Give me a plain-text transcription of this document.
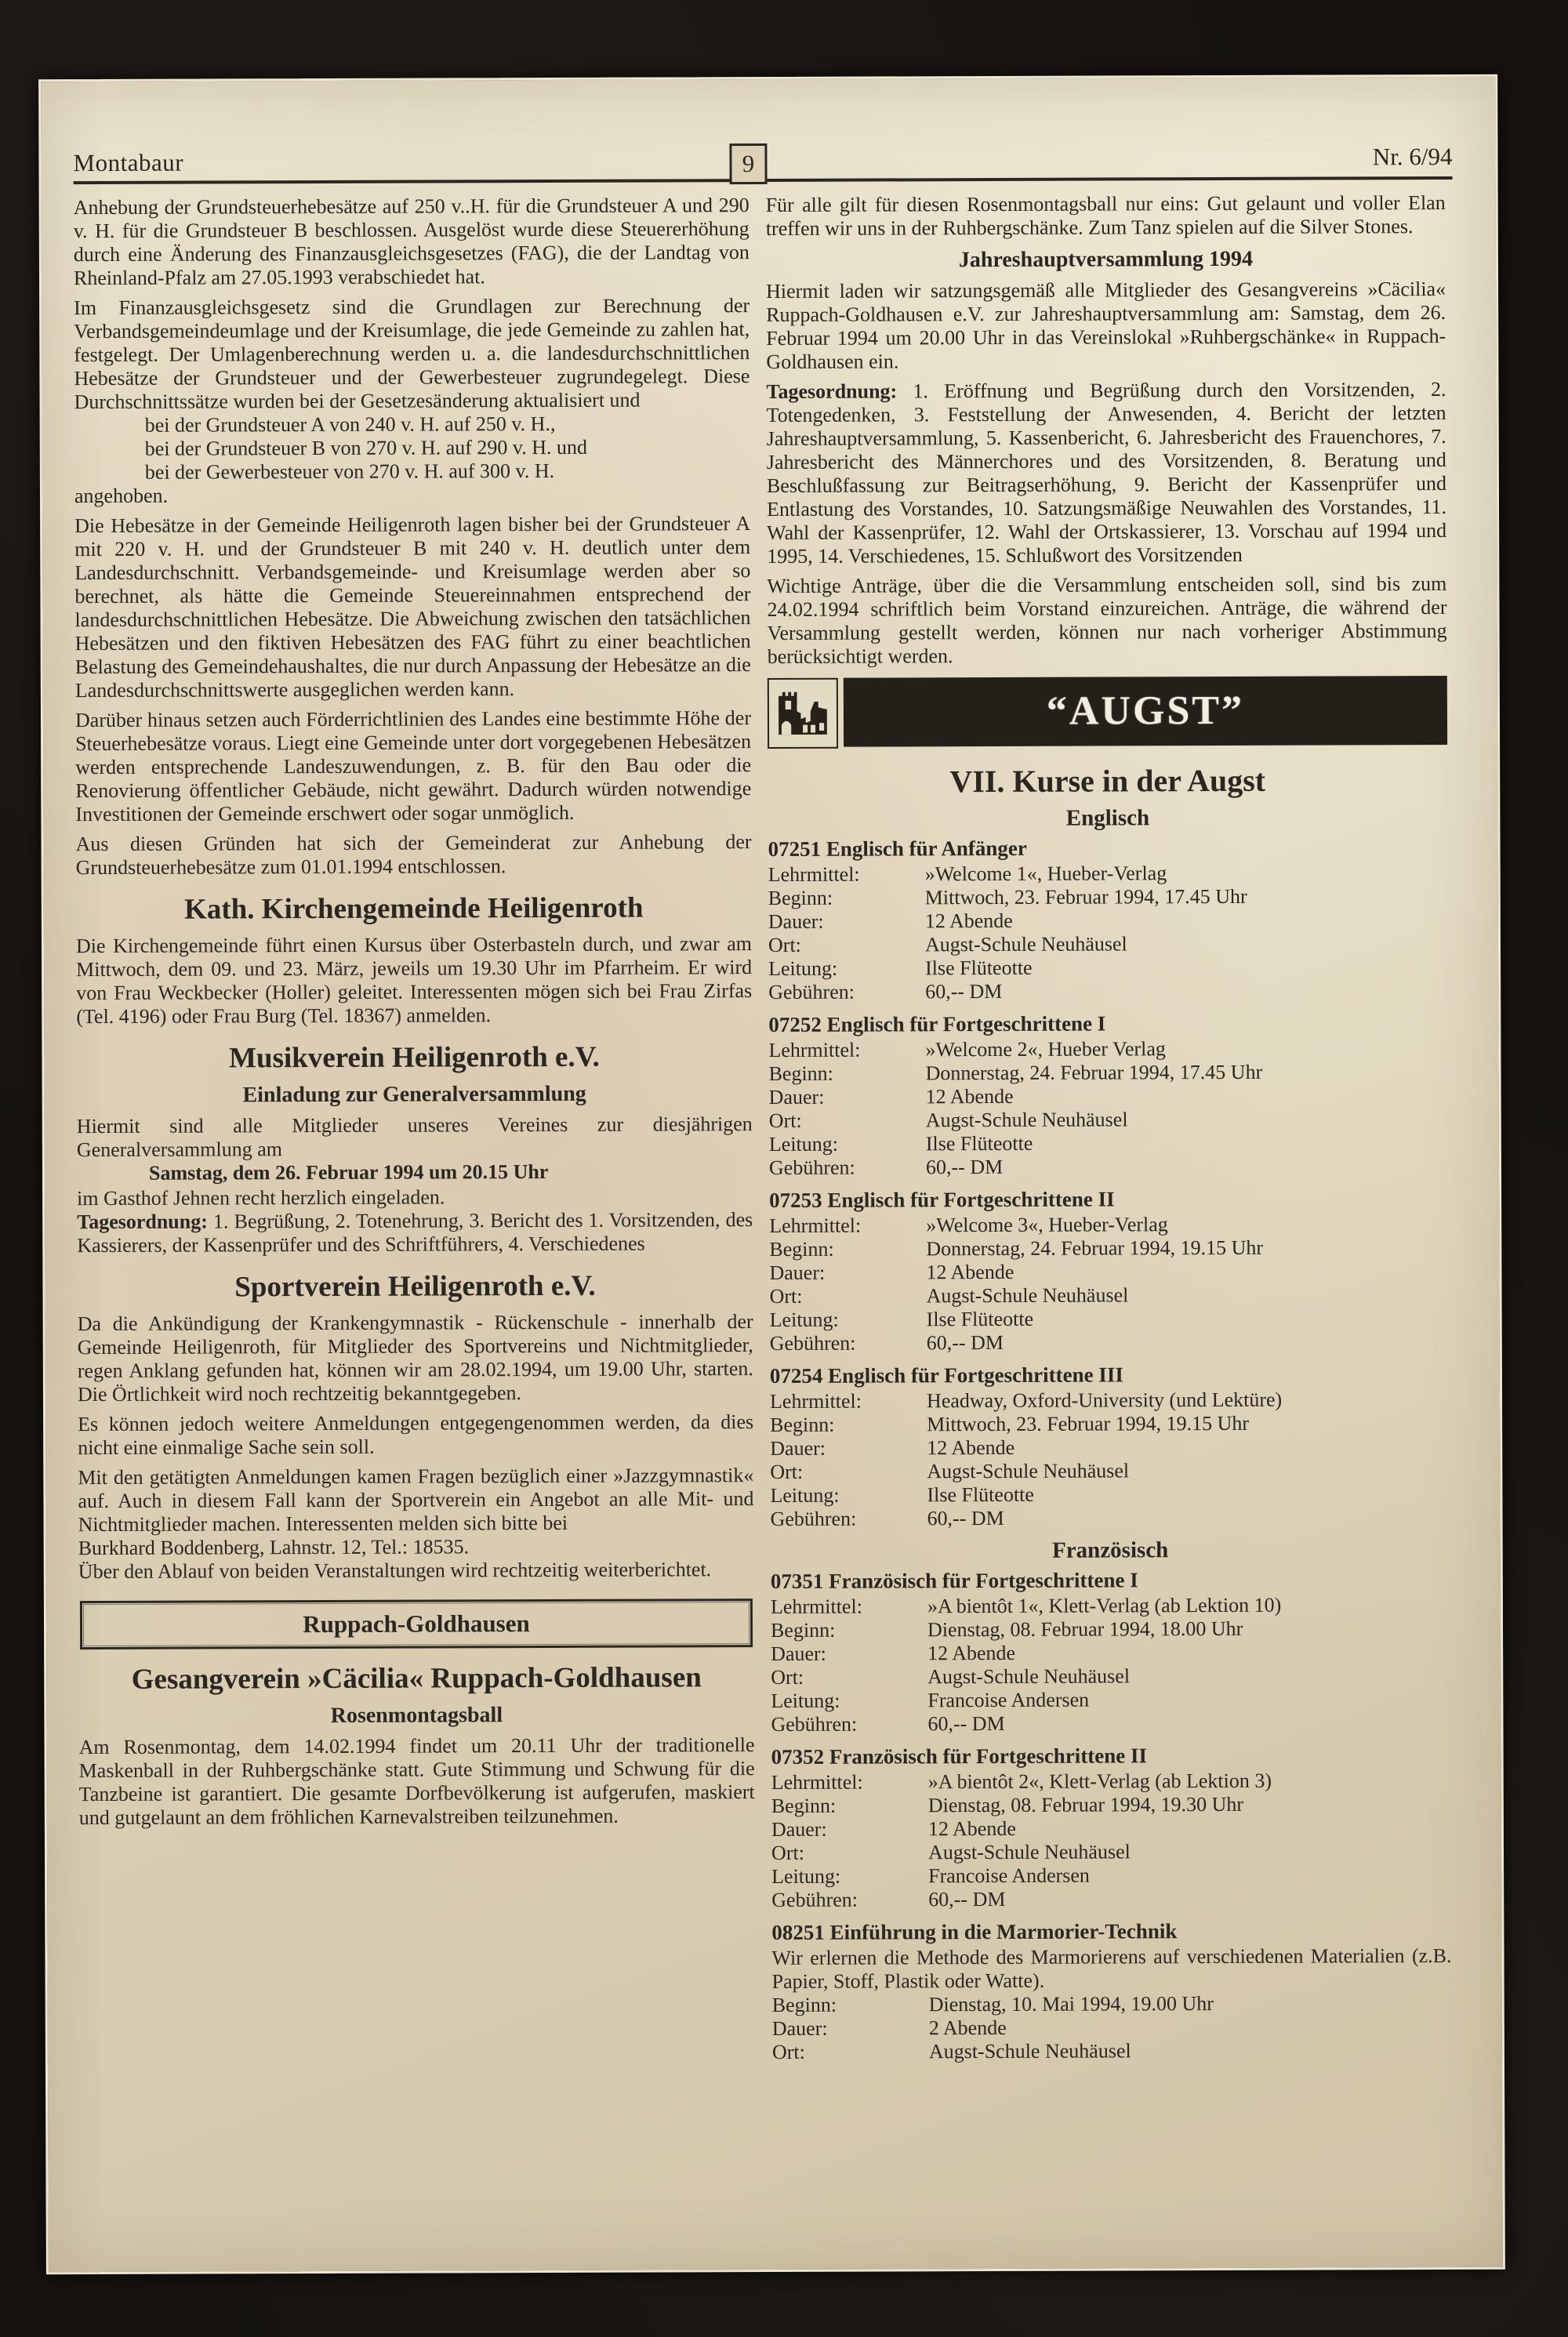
Montabaur	Nr. 6/94
9

Anhebung der Grundsteuerhebesätze auf 250 v..H. für die Grundsteuer A und 290 v. H. für die Grundsteuer B beschlossen. Ausgelöst wurde diese Steuererhöhung durch eine Änderung des Finanzausgleichsgesetzes (FAG), die der Landtag von Rheinland-Pfalz am 27.05.1993 verabschiedet hat.

Im Finanzausgleichsgesetz sind die Grundlagen zur Berechnung der Verbandsgemeindeumlage und der Kreisumlage, die jede Gemeinde zu zahlen hat, festgelegt. Der Umlagenberechnung werden u. a. die landesdurchschnittlichen Hebesätze der Grundsteuer und der Gewerbesteuer zugrundegelegt. Diese Durchschnittssätze wurden bei der Gesetzesänderung aktualisiert und

bei der Grundsteuer A von 240 v. H. auf 250 v. H.,
bei der Grundsteuer B von 270 v. H. auf 290 v. H. und
bei der Gewerbesteuer von 270 v. H. auf 300 v. H.

angehoben.

Die Hebesätze in der Gemeinde Heiligenroth lagen bisher bei der Grundsteuer A mit 220 v. H. und der Grundsteuer B mit 240 v. H. deutlich unter dem Landesdurchschnitt. Verbandsgemeinde- und Kreisumlage werden aber so berechnet, als hätte die Gemeinde Steuereinnahmen entsprechend der landesdurchschnittlichen Hebesätze. Die Abweichung zwischen den tatsächlichen Hebesätzen und den fiktiven Hebesätzen des FAG führt zu einer beachtlichen Belastung des Gemeindehaushaltes, die nur durch Anpassung der Hebesätze an die Landesdurchschnittswerte ausgeglichen werden kann.

Darüber hinaus setzen auch Förderrichtlinien des Landes eine bestimmte Höhe der Steuerhebesätze voraus. Liegt eine Gemeinde unter dort vorgegebenen Hebesätzen werden entsprechende Landeszuwendungen, z. B. für den Bau oder die Renovierung öffentlicher Gebäude, nicht gewährt. Dadurch würden notwendige Investitionen der Gemeinde erschwert oder sogar unmöglich.

Aus diesen Gründen hat sich der Gemeinderat zur Anhebung der Grundsteuerhebesätze zum 01.01.1994 entschlossen.

Kath. Kirchengemeinde Heiligenroth

Die Kirchengemeinde führt einen Kursus über Osterbasteln durch, und zwar am Mittwoch, dem 09. und 23. März, jeweils um 19.30 Uhr im Pfarrheim. Er wird von Frau Weckbecker (Holler) geleitet. Interessenten mögen sich bei Frau Zirfas (Tel. 4196) oder Frau Burg (Tel. 18367) anmelden.

Musikverein Heiligenroth e.V.
Einladung zur Generalversammlung

Hiermit sind alle Mitglieder unseres Vereines zur diesjährigen Generalversammlung am

Samstag, dem 26. Februar 1994 um 20.15 Uhr

im Gasthof Jehnen recht herzlich eingeladen.

Tagesordnung: 1. Begrüßung, 2. Totenehrung, 3. Bericht des 1. Vorsitzenden, des Kassierers, der Kassenprüfer und des Schriftführers, 4. Verschiedenes

Sportverein Heiligenroth e.V.

Da die Ankündigung der Krankengymnastik - Rückenschule - innerhalb der Gemeinde Heiligenroth, für Mitglieder des Sportvereins und Nichtmitglieder, regen Anklang gefunden hat, können wir am 28.02.1994, um 19.00 Uhr, starten. Die Örtlichkeit wird noch rechtzeitig bekanntgegeben.

Es können jedoch weitere Anmeldungen entgegengenommen werden, da dies nicht eine einmalige Sache sein soll.

Mit den getätigten Anmeldungen kamen Fragen bezüglich einer »Jazzgymnastik« auf. Auch in diesem Fall kann der Sportverein ein Angebot an alle Mit- und Nichtmitglieder machen. Interessenten melden sich bitte bei

Burkhard Boddenberg, Lahnstr. 12, Tel.: 18535.

Über den Ablauf von beiden Veranstaltungen wird rechtzeitig weiterberichtet.

Ruppach-Goldhausen
Gesangverein »Cäcilia« Ruppach-Goldhausen
Rosenmontagsball

Am Rosenmontag, dem 14.02.1994 findet um 20.11 Uhr der traditionelle Maskenball in der Ruhbergschänke statt. Gute Stimmung und Schwung für die Tanzbeine ist garantiert. Die gesamte Dorfbevölkerung ist aufgerufen, maskiert und gutgelaunt an dem fröhlichen Karnevalstreiben teilzunehmen.

Für alle gilt für diesen Rosenmontagsball nur eins: Gut gelaunt und voller Elan treffen wir uns in der Ruhbergschänke. Zum Tanz spielen auf die Silver Stones.

Jahreshauptversammlung 1994

Hiermit laden wir satzungsgemäß alle Mitglieder des Gesangvereins »Cäcilia« Ruppach-Goldhausen e.V. zur Jahreshauptversammlung am: Samstag, dem 26. Februar 1994 um 20.00 Uhr in das Vereinslokal »Ruhbergschänke« in Ruppach-Goldhausen ein.

Tagesordnung: 1. Eröffnung und Begrüßung durch den Vorsitzenden, 2. Totengedenken, 3. Feststellung der Anwesenden, 4. Bericht der letzten Jahreshauptversammlung, 5. Kassenbericht, 6. Jahresbericht des Frauenchores, 7. Jahresbericht des Männerchores und des Vorsitzenden, 8. Beratung und Beschlußfassung zur Beitragserhöhung, 9. Bericht der Kassenprüfer und Entlastung des Vorstandes, 10. Satzungsmäßige Neuwahlen des Vorstandes, 11. Wahl der Kassenprüfer, 12. Wahl der Ortskassierer, 13. Vorschau auf 1994 und 1995, 14. Verschiedenes, 15. Schlußwort des Vorsitzenden

Wichtige Anträge, über die die Versammlung entscheiden soll, sind bis zum 24.02.1994 schriftlich beim Vorstand einzureichen. Anträge, die während der Versammlung gestellt werden, können nur nach vorheriger Abstimmung berücksichtigt werden.

“AUGST”
VII. Kurse in der Augst
Englisch
07251 Englisch für Anfänger
Lehrmittel:	»Welcome 1«, Hueber-Verlag
Beginn:	Mittwoch, 23. Februar 1994, 17.45 Uhr
Dauer:	12 Abende
Ort:	Augst-Schule Neuhäusel
Leitung:	Ilse Flüteotte
Gebühren:	60,-- DM
07252 Englisch für Fortgeschrittene I
Lehrmittel:	»Welcome 2«, Hueber Verlag
Beginn:	Donnerstag, 24. Februar 1994, 17.45 Uhr
Dauer:	12 Abende
Ort:	Augst-Schule Neuhäusel
Leitung:	Ilse Flüteotte
Gebühren:	60,-- DM
07253 Englisch für Fortgeschrittene II
Lehrmittel:	»Welcome 3«, Hueber-Verlag
Beginn:	Donnerstag, 24. Februar 1994, 19.15 Uhr
Dauer:	12 Abende
Ort:	Augst-Schule Neuhäusel
Leitung:	Ilse Flüteotte
Gebühren:	60,-- DM
07254 Englisch für Fortgeschrittene III
Lehrmittel:	Headway, Oxford-University (und Lektüre)
Beginn:	Mittwoch, 23. Februar 1994, 19.15 Uhr
Dauer:	12 Abende
Ort:	Augst-Schule Neuhäusel
Leitung:	Ilse Flüteotte
Gebühren:	60,-- DM
Französisch
07351 Französisch für Fortgeschrittene I
Lehrmittel:	»A bientôt 1«, Klett-Verlag (ab Lektion 10)
Beginn:	Dienstag, 08. Februar 1994, 18.00 Uhr
Dauer:	12 Abende
Ort:	Augst-Schule Neuhäusel
Leitung:	Francoise Andersen
Gebühren:	60,-- DM
07352 Französisch für Fortgeschrittene II
Lehrmittel:	»A bientôt 2«, Klett-Verlag (ab Lektion 3)
Beginn:	Dienstag, 08. Februar 1994, 19.30 Uhr
Dauer:	12 Abende
Ort:	Augst-Schule Neuhäusel
Leitung:	Francoise Andersen
Gebühren:	60,-- DM
08251 Einführung in die Marmorier-Technik

Wir erlernen die Methode des Marmorierens auf verschiedenen Materialien (z.B. Papier, Stoff, Plastik oder Watte).

Beginn:	Dienstag, 10. Mai 1994, 19.00 Uhr
Dauer:	2 Abende
Ort:	Augst-Schule Neuhäusel
